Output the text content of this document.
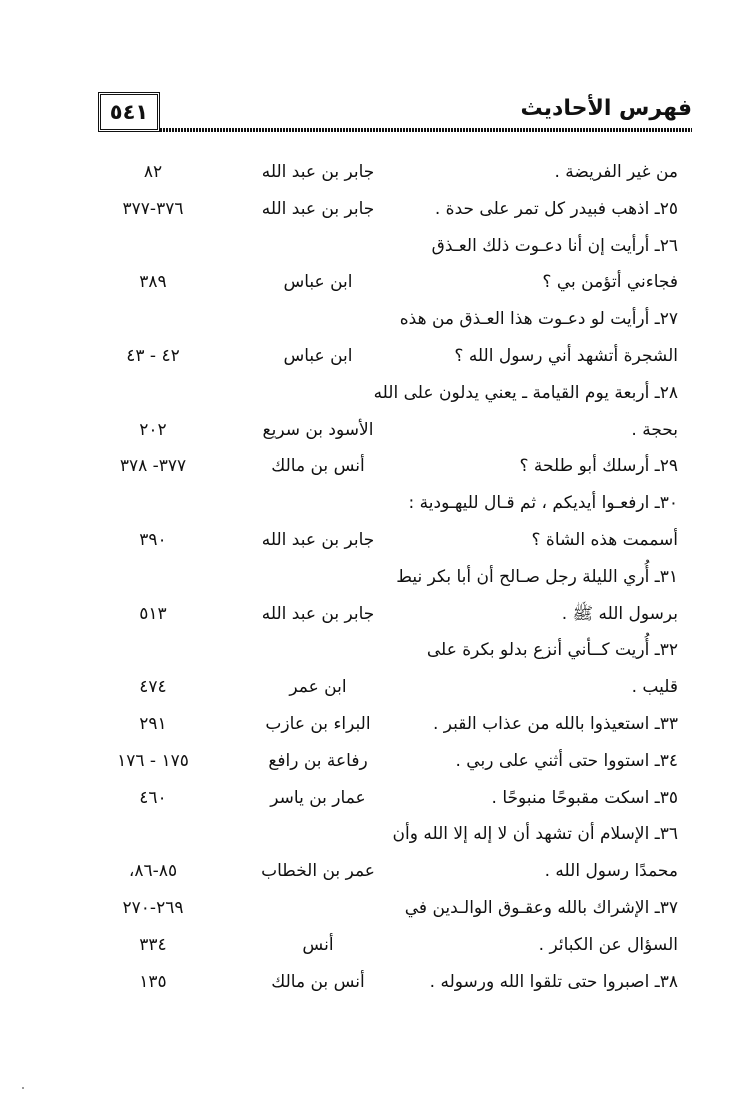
٥٤١	فهرس الأحاديث
من غير الفريضة .
جابر بن عبد الله
٨٢
٢٥ـ اذهب فبيدر كل تمر على حدة .
جابر بن عبد الله
٣٧٦-٣٧٧
٢٦ـ أرأيت إن أنا دعـوت ذلك العـذق
فجاءني أتؤمن بي ؟
ابن عباس
٣٨٩
٢٧ـ أرأيت لو دعـوت هذا العـذق من هذه
الشجرة أتشهد أني رسول الله ؟
ابن عباس
٤٢ - ٤٣
٢٨ـ أربعة يوم القيامة ـ يعني يدلون على الله
بحجة .
الأسود بن سريع
٢٠٢
٢٩ـ أرسلك أبو طلحة ؟
أنس بن مالك
٣٧٧- ٣٧٨
٣٠ـ ارفعـوا أيديكم ، ثم قـال لليهـودية :
أسممت هذه الشاة ؟
جابر بن عبد الله
٣٩٠
٣١ـ أُري الليلة رجل صـالح أن أبا بكر نيط
برسول الله ﷺ .
جابر بن عبد الله
٥١٣
٣٢ـ أُريت كــأني أنزع بدلو بكرة على
قليب .
ابن عمر
٤٧٤
٣٣ـ استعيذوا بالله من عذاب القبر .
البراء بن عازب
٢٩١
٣٤ـ استووا حتى أثني على ربي .
رفاعة بن رافع
١٧٥ - ١٧٦
٣٥ـ اسكت مقبوحًا منبوحًا .
عمار بن ياسر
٤٦٠
٣٦ـ الإسلام أن تشهد أن لا إله إلا الله وأن
محمدًا رسول الله .
عمر بن الخطاب
٨٥-٨٦،
٣٧ـ الإشراك بالله وعقـوق الوالـدين في
٢٦٩-٢٧٠
السؤال عن الكبائر .
أنس
٣٣٤
٣٨ـ اصبروا حتى تلقوا الله ورسوله .
أنس بن مالك
١٣٥
